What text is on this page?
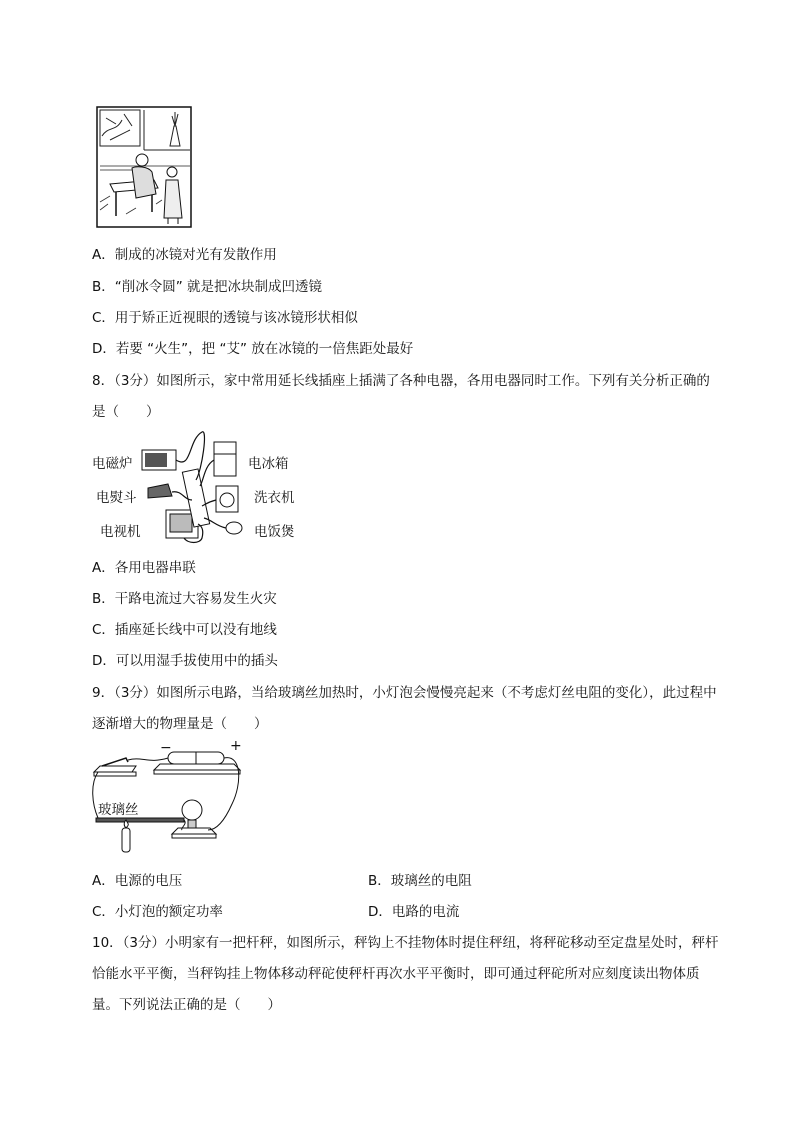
A．制成的冰镜对光有发散作用
B．“削冰令圆” 就是把冰块制成凹透镜
C．用于矫正近视眼的透镜与该冰镜形状相似
D．若要 “火生”，把 “艾” 放在冰镜的一倍焦距处最好
8．（3分）如图所示，家中常用延长线插座上插满了各种电器，各用电器同时工作。下列有关分析正确的
是（　　）
电磁炉	电冰箱
电熨斗	洗衣机
电视机	电饭煲
A．各用电器串联
B．干路电流过大容易发生火灾
C．插座延长线中可以没有地线
D．可以用湿手拔使用中的插头
9．（3分）如图所示电路，当给玻璃丝加热时，小灯泡会慢慢亮起来（不考虑灯丝电阻的变化），此过程中
逐渐增大的物理量是（　　）
−	+
玻璃丝
A．电源的电压	B．玻璃丝的电阻
C．小灯泡的额定功率	D．电路的电流
10．（3分）小明家有一把杆秤，如图所示，秤钩上不挂物体时提住秤纽，将秤砣移动至定盘星处时，秤杆
恰能水平平衡，当秤钩挂上物体移动秤砣使秤杆再次水平平衡时，即可通过秤砣所对应刻度读出物体质
量。下列说法正确的是（　　）
